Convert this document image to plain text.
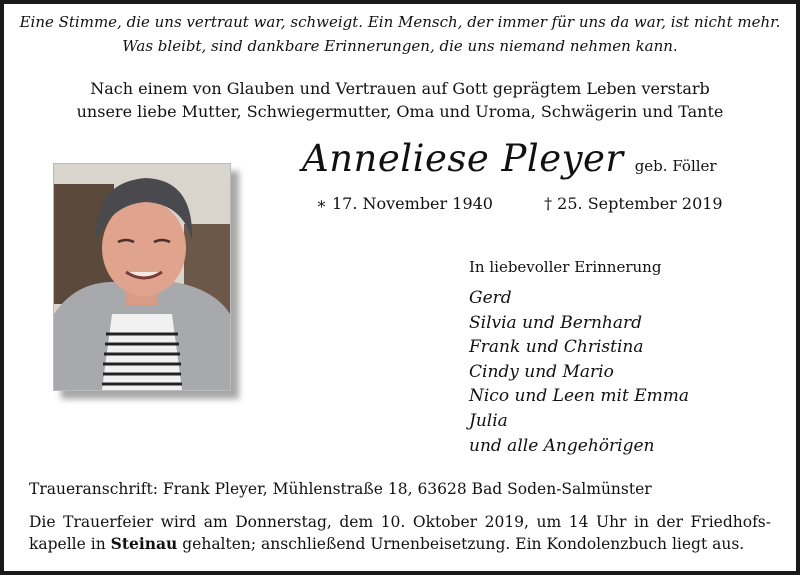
Eine Stimme, die uns vertraut war, schweigt. Ein Mensch, der immer für uns da war, ist nicht mehr.
Was bleibt, sind dankbare Erinnerungen, die uns niemand nehmen kann.
Nach einem von Glauben und Vertrauen auf Gott geprägtem Leben verstarb
unsere liebe Mutter, Schwiegermutter, Oma und Uroma, Schwägerin und Tante
Anneliese Pleyer geb. Föller
∗ 17. November 1940	† 25. September 2019
In liebevoller Erinnerung
Gerd
Silvia und Bernhard
Frank und Christina
Cindy und Mario
Nico und Leen mit Emma
Julia
und alle Angehörigen
Traueranschrift: Frank Pleyer, Mühlenstraße 18, 63628 Bad Soden-Salmünster
Die Trauerfeier wird am Donnerstag, dem 10. Oktober 2019, um 14 Uhr in der Friedhofs-kapelle in Steinau gehalten; anschließend Urnenbeisetzung. Ein Kondolenzbuch liegt aus.
